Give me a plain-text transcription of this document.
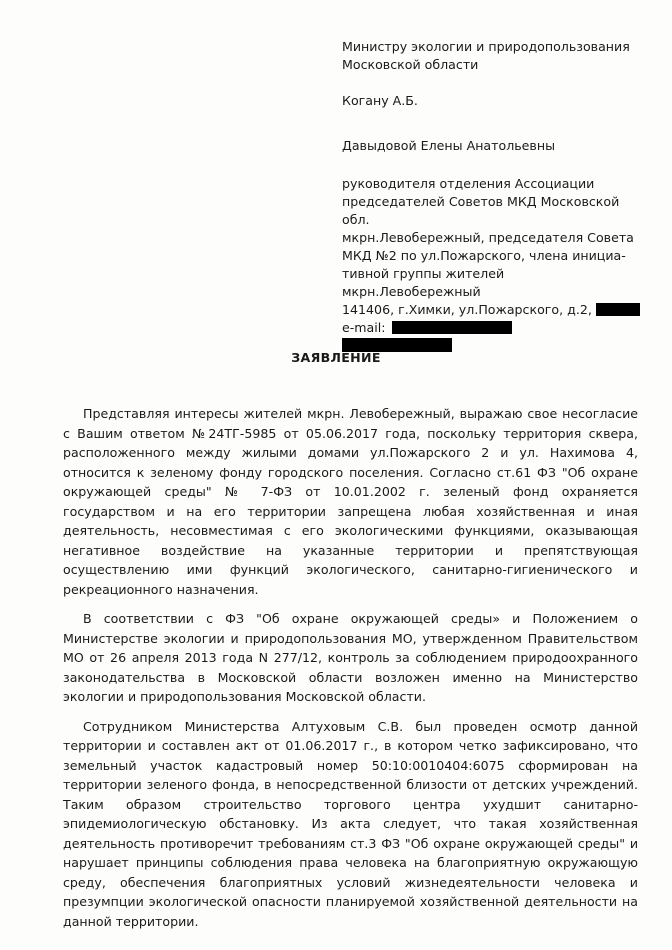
Министру экологии и природопользования

Московской области

Когану А.Б.

Давыдовой Елены Анатольевны

руководителя отделения Ассоциации

председателей Советов МКД Московской обл.

мкрн.Левобережный, председателя Совета

МКД №2 по ул.Пожарского, члена инициа-

тивной группы жителей мкрн.Левобережный

141406, г.Химки, ул.Пожарского, д.2,

e-mail:

ЗАЯВЛЕНИЕ

Представляя интересы жителей мкрн. Левобережный, выражаю свое несогласие с Вашим ответом №24ТГ-5985 от 05.06.2017 года, поскольку территория сквера, расположенного между жилыми домами ул.Пожарского 2 и ул. Нахимова 4, относится к зеленому фонду городского поселения. Согласно ст.61 ФЗ "Об охране окружающей среды" № 7-ФЗ от 10.01.2002 г. зеленый фонд охраняется государством и на его территории запрещена любая хозяйственная и иная деятельность, несовместимая с его экологическими функциями, оказывающая негативное воздействие на указанные территории и препятствующая осуществлению ими функций экологического, санитарно-гигиенического и рекреационного назначения.

В соответствии с ФЗ "Об охране окружающей среды» и Положением о Министерстве экологии и природопользования МО, утвержденном Правительством МО от 26 апреля 2013 года N 277/12, контроль за соблюдением природоохранного законодательства в Московской области возложен именно на Министерство экологии и природопользования Московской области.

Сотрудником Министерства Алтуховым С.В. был проведен осмотр данной территории и составлен акт от 01.06.2017 г., в котором четко зафиксировано, что земельный участок кадастровый номер 50:10:0010404:6075 сформирован на территории зеленого фонда, в непосредственной близости от детских учреждений. Таким образом строительство торгового центра ухудшит санитарно-эпидемиологическую обстановку. Из акта следует, что такая хозяйственная деятельность противоречит требованиям ст.3 ФЗ "Об охране окружающей среды" и нарушает принципы соблюдения права человека на благоприятную окружающую среду, обеспечения благоприятных условий жизнедеятельности человека и презумпции экологической опасности планируемой хозяйственной деятельности на данной территории.
